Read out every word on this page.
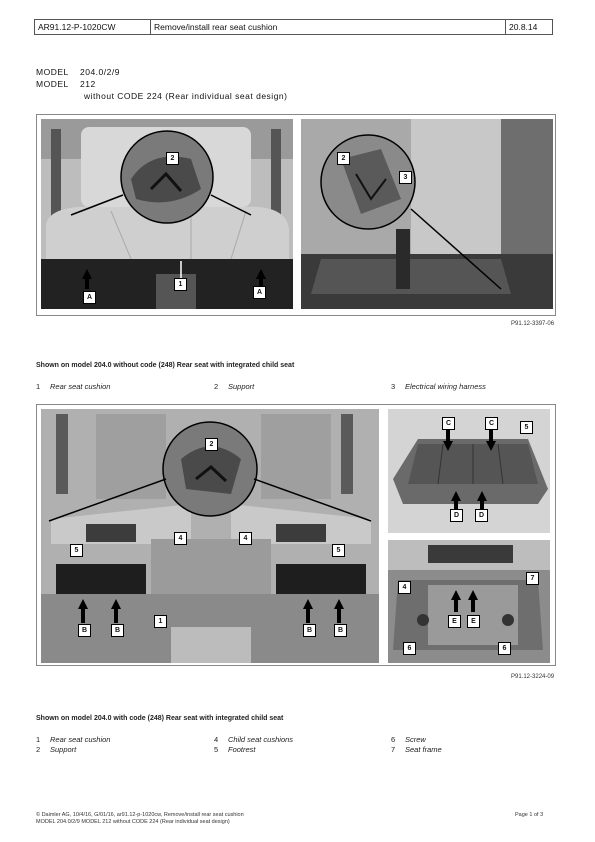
AR91.12-P-1020CW	Remove/install rear seat cushion	20.8.14
MODEL 204.0/2/9
MODEL 212
without CODE 224 (Rear individual seat design)
2
1
A
A
2
3
P91.12-3397-06
Shown on model 204.0 without code (248) Rear seat with integrated child seat
1 Rear seat cushion	2 Support	3 Electrical wiring harness
2
4	4
5	5
1
B	B	B	B
C	C
5
D	D
4
7
E	E
6	6
P91.12-3224-09
Shown on model 204.0 with code (248) Rear seat with integrated child seat
1 Rear seat cushion
2 Support
4 Child seat cushions
5 Footrest
6 Screw
7 Seat frame
© Daimler AG, 10/4/16, G/01/16, ar91.12-p-1020cw, Remove/install rear seat cushion
MODEL 204.0/2/9 MODEL 212 without CODE 224 (Rear individual seat design)
Page 1 of 3
